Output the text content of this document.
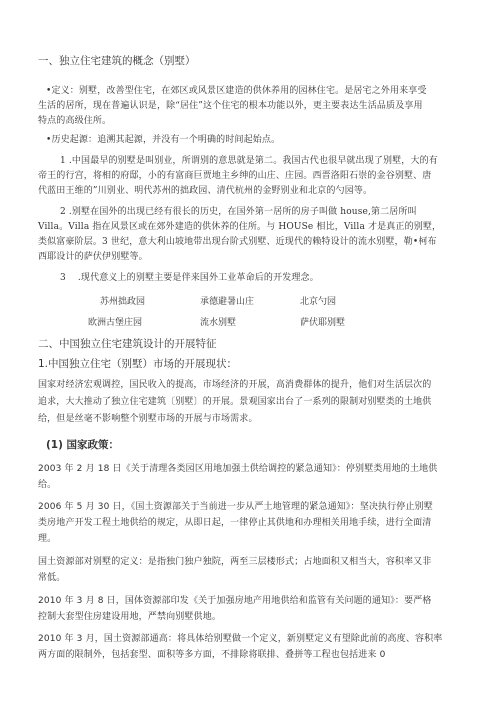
一、独立住宅建筑的概念（别墅）
•定义：别墅，改善型住宅，在郊区或风景区建造的供休养用的园林住宅。是居宅之外用来享受
生活的居所，现在普遍认识是，除“居住”这个住宅的根本功能以外，更主要表达生活品质及享用
特点的高级住所。
•历史起源：追溯其起源，并没有一个明确的时间起始点。
1 .中国最早的别墅是叫别业，所谓别的意思就是第二。我国古代也很早就出现了别墅，大的有
帝王的行宫，将相的府邸，小的有富商巨贾地主乡绅的山庄、庄园。西晋洛阳石崇的金谷别墅、唐
代蓝田王维的”川别业、明代苏州的拙政园、清代杭州的金野别业和北京的勺园等。
2 .别墅在国外的出现已经有很长的历史，在国外第一居所的房子叫做 house,第二居所叫
Villa。Villa 指在风景区或在郊外建造的供休养的住所。与 HOUSe 相比，Villa 才是真正的别墅，
类似富豪阶层。3 世纪，意大利山坡地带出现台阶式别墅、近现代的赖特设计的流水别墅，勒•柯布
西耶设计的萨伏伊别墅等。
3    .现代意义上的别墅主要是伴来国外工业革命后的开发理念。
苏州拙政园	承德避暑山庄	北京勺园
欧洲古堡庄园	流水别墅	萨伏耶别墅
二、中国独立住宅建筑设计的开展特征
1.中国独立住宅（别墅）市场的开展现状：
国家对经济宏观调控，国民收入的提高，市场经济的开展，高消费群体的提升，他们对生活层次的
追求，大大推动了独立住宅建筑〔别墅〕的开展。景观国家出台了一系列的限制对别墅类的土地供
给，但是丝毫不影响整个别墅市场的开展与市场需求。
(1) 国家政策：
2003 年 2 月 18 日《关于清理各类园区用地加强土供给调控的紧急通知》：停别墅类用地的土地供
给。
2006 年 5 月 30 日，《国土资源部关于当前进一步从严土地管理的紧急通知》：坚决执行停止别墅
类房地产开发工程土地供给的规定，从即日起，一律停止其供地和办理相关用地手续，进行全面清
理。
国土资源部对别墅的定义：是指独门独户独院，两至三层楼形式；占地面积又相当大，容积率又非
常低。
2010 年 3 月 8 日，国体资源部印发《关于加强房地产用地供给和监管有关问题的通知》：要严格
控制大套型住房建设用地，严禁向别墅供地。
2010 年 3 月，国土资源部通高：将具体给别墅做一个定义，新别墅定义有望除此前的高度、容积率
两方面的限制外，包括套型、面积等多方面，不排除将联排、叠拼等工程也包括进来 0
